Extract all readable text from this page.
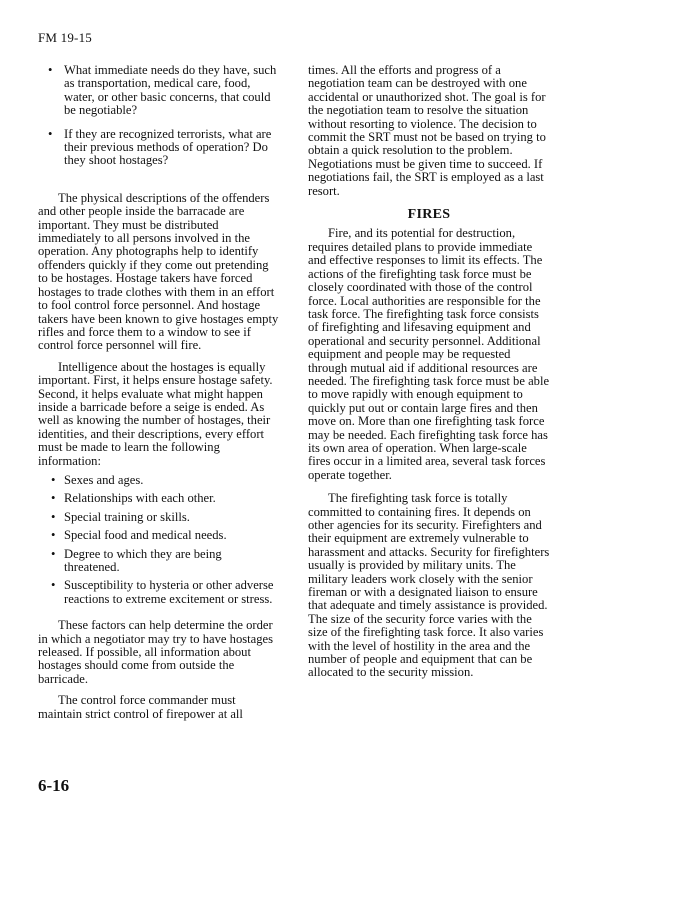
FM 19-15
• What immediate needs do they have, such as transportation, medical care, food, water, or other basic concerns, that could be negotiable?
• If they are recognized terrorists, what are their previous methods of operation? Do they shoot hostages?

The physical descriptions of the offenders and other people inside the barracade are important. They must be distributed immediately to all persons involved in the operation. Any photographs help to identify offenders quickly if they come out pretending to be hostages. Hostage takers have forced hostages to trade clothes with them in an effort to fool control force personnel. And hostage takers have been known to give hostages empty rifles and force them to a window to see if control force personnel will fire.

Intelligence about the hostages is equally important. First, it helps ensure hostage safety. Second, it helps evaluate what might happen inside a barricade before a seige is ended. As well as knowing the number of hostages, their identities, and their descriptions, every effort must be made to learn the following information:

• Sexes and ages.
• Relationships with each other.
• Special training or skills.
• Special food and medical needs.
• Degree to which they are being threatened.
• Susceptibility to hysteria or other adverse reactions to extreme excitement or stress.

These factors can help determine the order in which a negotiator may try to have hostages released. If possible, all information about hostages should come from outside the barricade.

The control force commander must maintain strict control of firepower at all

times. All the efforts and progress of a negotiation team can be destroyed with one accidental or unauthorized shot. The goal is for the negotiation team to resolve the situation without resorting to violence. The decision to commit the SRT must not be based on trying to obtain a quick resolution to the problem. Negotiations must be given time to succeed. If negotiations fail, the SRT is employed as a last resort.

FIRES

Fire, and its potential for destruction, requires detailed plans to provide immediate and effective responses to limit its effects. The actions of the firefighting task force must be closely coordinated with those of the control force. Local authorities are responsible for the task force. The firefighting task force consists of firefighting and lifesaving equipment and operational and security personnel. Additional equipment and people may be requested through mutual aid if additional resources are needed. The firefighting task force must be able to move rapidly with enough equipment to quickly put out or contain large fires and then move on. More than one firefighting task force may be needed. Each firefighting task force has its own area of operation. When large-scale fires occur in a limited area, several task forces operate together.

The firefighting task force is totally committed to containing fires. It depends on other agencies for its security. Firefighters and their equipment are extremely vulnerable to harassment and attacks. Security for firefighters usually is provided by military units. The military leaders work closely with the senior fireman or with a designated liaison to ensure that adequate and timely assistance is provided. The size of the security force varies with the size of the firefighting task force. It also varies with the level of hostility in the area and the number of people and equipment that can be allocated to the security mission.

6-16
